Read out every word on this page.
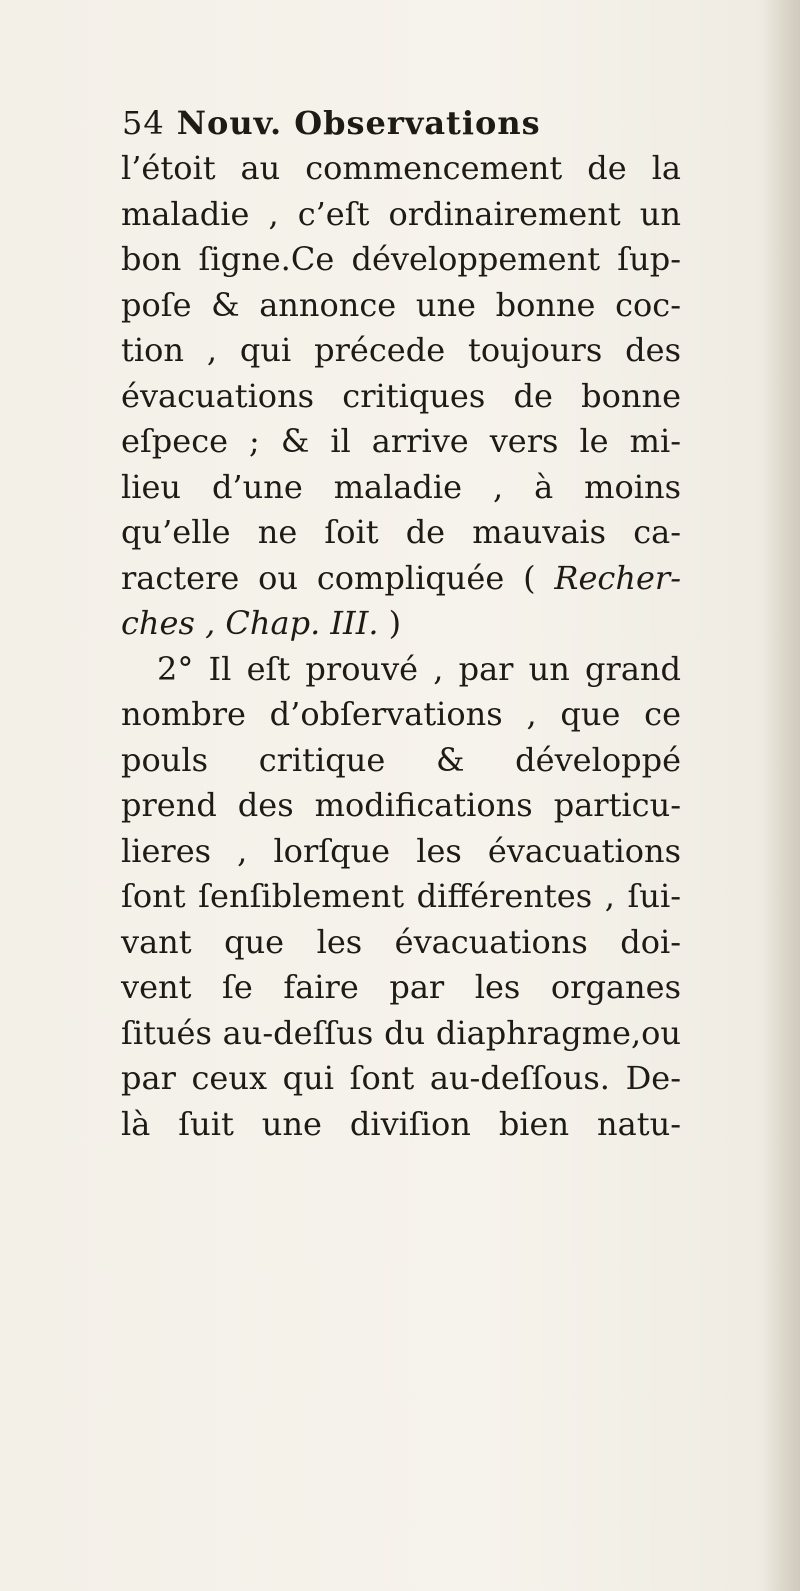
54 Nouv. Observations
l’étoit au commencement de la
maladie , c’eſt ordinairement un
bon ſigne.Ce développement ſup-
poſe & annonce une bonne coc-
tion , qui précede toujours des
évacuations critiques de bonne
eſpece ; & il arrive vers le mi-
lieu d’une maladie , à moins
qu’elle ne ſoit de mauvais ca-
ractere ou compliquée ( Recher-
ches , Chap. III. )
2° Il eſt prouvé , par un grand
nombre d’obſervations , que ce
pouls critique & développé
prend des modifications particu-
lieres , lorſque les évacuations
ſont ſenſiblement différentes , ſui-
vant que les évacuations doi-
vent ſe faire par les organes
ſitués au-deſſus du diaphragme,ou
par ceux qui ſont au-deſſous. De-
là ſuit une diviſion bien natu-
